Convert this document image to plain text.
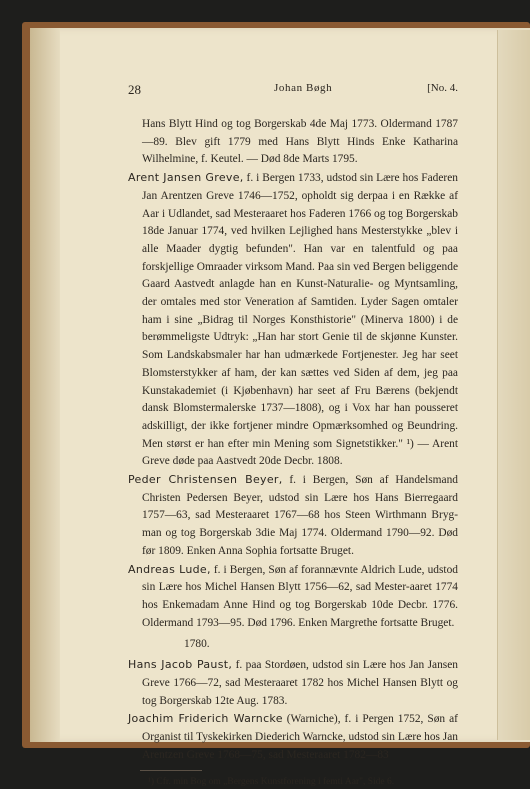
28	Johan Bøgh	[No. 4.

Hans Blytt Hind og tog Borgerskab 4de Maj 1773. Oldermand 1787—89. Blev gift 1779 med Hans Blytt Hinds Enke Katharina Wilhelmine, f. Keutel. — Død 8de Marts 1795.

Arent Jansen Greve, f. i Bergen 1733, udstod sin Lære hos Faderen Jan Arentzen Greve 1746—1752, opholdt sig derpaa i en Række af Aar i Udlandet, sad Mesteraaret hos Faderen 1766 og tog Borgerskab 18de Januar 1774, ved hvilken Lejlighed hans Mesterstykke „blev i alle Maader dygtig befunden". Han var en talentfuld og paa forskjellige Omraader virksom Mand. Paa sin ved Bergen beliggende Gaard Aastvedt anlagde han en Kunst-Naturalie- og Myntsamling, der omtales med stor Veneration af Samtiden. Lyder Sagen omtaler ham i sine „Bidrag til Norges Konsthistorie" (Minerva 1800) i de berømmeligste Udtryk: „Han har stort Genie til de skjønne Kunster. Som Landskabsmaler har han udmærkede Fortjenester. Jeg har seet Blomsterstykker af ham, der kan sættes ved Siden af dem, jeg paa Kunstakademiet (i Kjøbenhavn) har seet af Fru Bærens (bekjendt dansk Blomstermalerske 1737—1808), og i Vox har han pousseret adskilligt, der ikke fortjener mindre Opmærksomhed og Beundring. Men størst er han efter min Mening som Signetstikker." ¹) — Arent Greve døde paa Aastvedt 20de Decbr. 1808.

Peder Christensen Beyer, f. i Bergen, Søn af Handelsmand Christen Pedersen Beyer, udstod sin Lære hos Hans Bierregaard 1757—63, sad Mesteraaret 1767—68 hos Steen Wirthmann Bryg-man og tog Borgerskab 3die Maj 1774. Oldermand 1790—92. Død før 1809. Enken Anna Sophia fortsatte Bruget.

Andreas Lude, f. i Bergen, Søn af forannævnte Aldrich Lude, udstod sin Lære hos Michel Hansen Blytt 1756—62, sad Mester-aaret 1774 hos Enkemadam Anne Hind og tog Borgerskab 10de Decbr. 1776. Oldermand 1793—95. Død 1796. Enken Margrethe fortsatte Bruget.

1780.

Hans Jacob Paust, f. paa Stordøen, udstod sin Lære hos Jan Jansen Greve 1766—72, sad Mesteraaret 1782 hos Michel Hansen Blytt og tog Borgerskab 12te Aug. 1783.

Joachim Friderich Warncke (Warniche), f. i Pergen 1752, Søn af Organist til Tyskekirken Diederich Warncke, udstod sin Lære hos Jan Arentzen Greve 1768—75, sad Mesteraaret 1782—83

¹) Cfr. min Bog om „Bergens Kunstforening i femti Aar", Side 6.
